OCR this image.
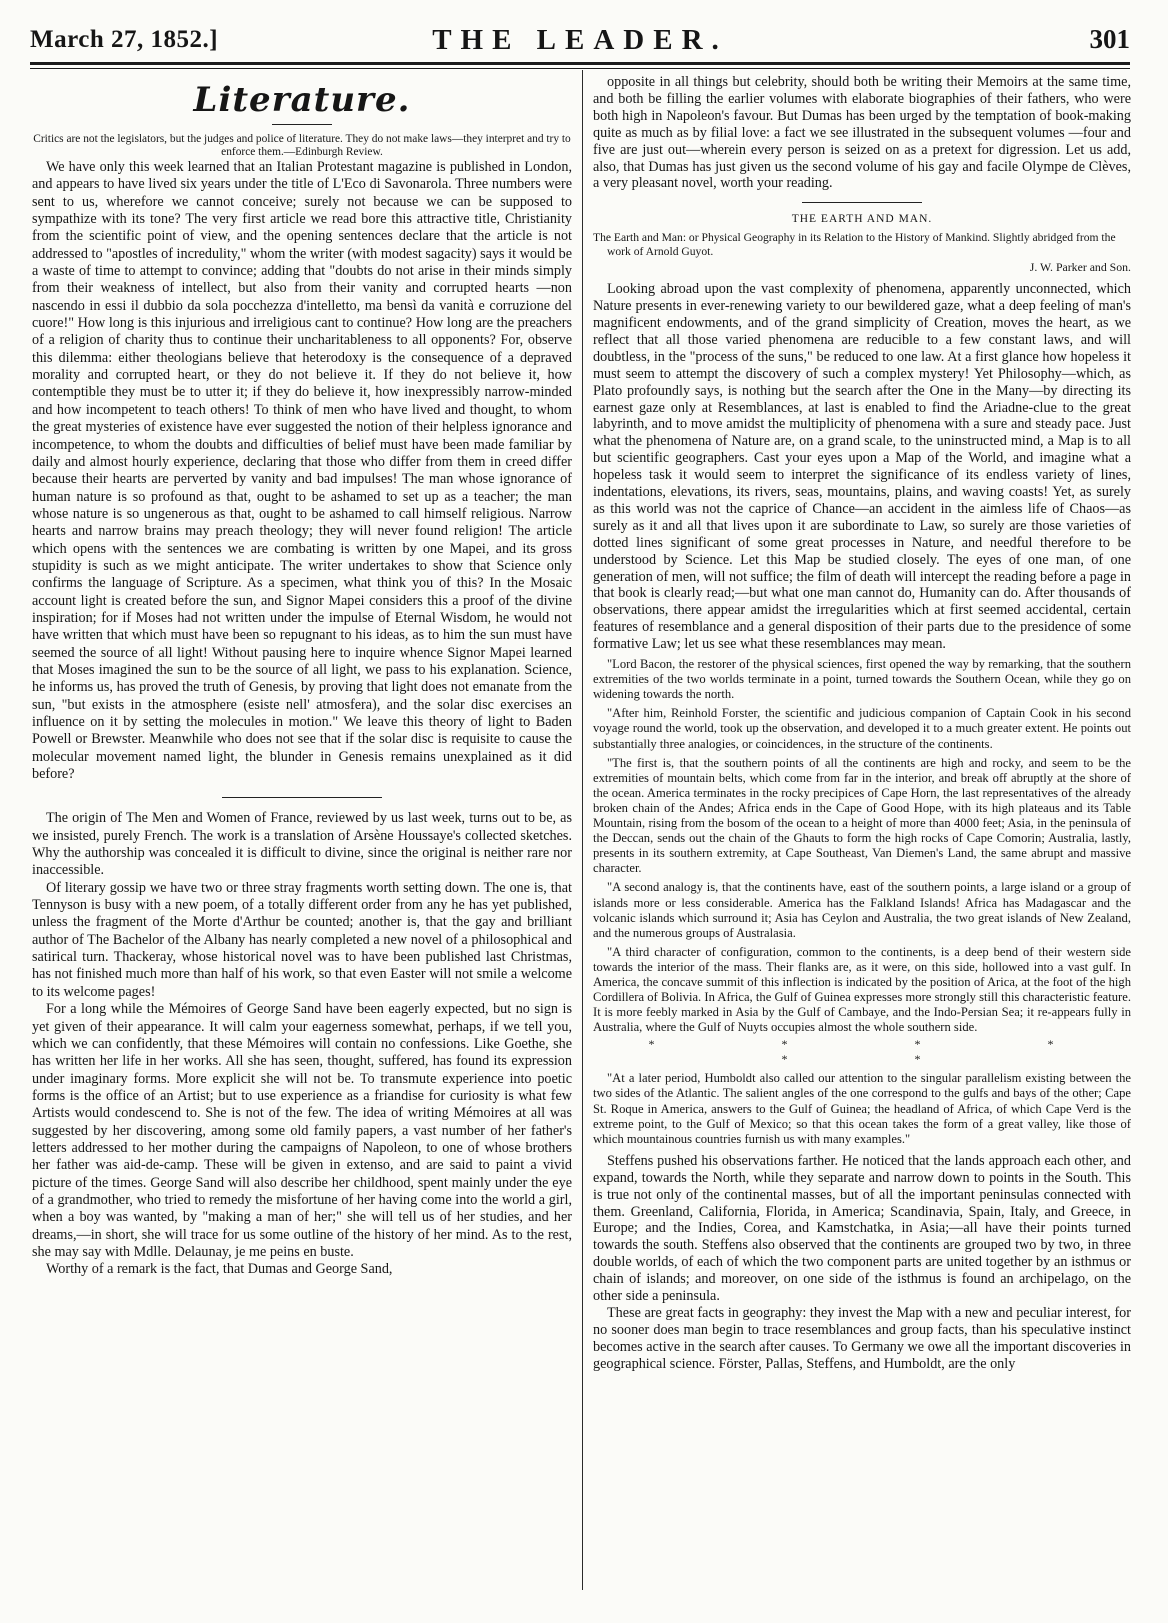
March 27, 1852.]	THE LEADER.	301
Literature.

Critics are not the legislators, but the judges and police of literature. They do not make laws—they interpret and try to enforce them.—Edinburgh Review.

We have only this week learned that an Italian Protestant magazine is published in London, and appears to have lived six years under the title of L'Eco di Savonarola. Three numbers were sent to us, wherefore we cannot conceive; surely not because we can be supposed to sympathize with its tone? The very first article we read bore this attractive title, Christianity from the scientific point of view, and the opening sentences declare that the article is not addressed to "apostles of incredulity," whom the writer (with modest sagacity) says it would be a waste of time to attempt to convince; adding that "doubts do not arise in their minds simply from their weakness of intellect, but also from their vanity and corrupted hearts —non nascendo in essi il dubbio da sola pocchezza d'intelletto, ma bensì da vanità e corruzione del cuore!" How long is this injurious and irreligious cant to continue? How long are the preachers of a religion of charity thus to continue their uncharitableness to all opponents? For, observe this dilemma: either theologians believe that heterodoxy is the consequence of a depraved morality and corrupted heart, or they do not believe it. If they do not believe it, how contemptible they must be to utter it; if they do believe it, how inexpressibly narrow-minded and how incompetent to teach others! To think of men who have lived and thought, to whom the great mysteries of existence have ever suggested the notion of their helpless ignorance and incompetence, to whom the doubts and difficulties of belief must have been made familiar by daily and almost hourly experience, declaring that those who differ from them in creed differ because their hearts are perverted by vanity and bad impulses! The man whose ignorance of human nature is so profound as that, ought to be ashamed to set up as a teacher; the man whose nature is so ungenerous as that, ought to be ashamed to call himself religious. Narrow hearts and narrow brains may preach theology; they will never found religion! The article which opens with the sentences we are combating is written by one Mapei, and its gross stupidity is such as we might anticipate. The writer undertakes to show that Science only confirms the language of Scripture. As a specimen, what think you of this? In the Mosaic account light is created before the sun, and Signor Mapei considers this a proof of the divine inspiration; for if Moses had not written under the impulse of Eternal Wisdom, he would not have written that which must have been so repugnant to his ideas, as to him the sun must have seemed the source of all light! Without pausing here to inquire whence Signor Mapei learned that Moses imagined the sun to be the source of all light, we pass to his explanation. Science, he informs us, has proved the truth of Genesis, by proving that light does not emanate from the sun, "but exists in the atmosphere (esiste nell' atmosfera), and the solar disc exercises an influence on it by setting the molecules in motion." We leave this theory of light to Baden Powell or Brewster. Meanwhile who does not see that if the solar disc is requisite to cause the molecular movement named light, the blunder in Genesis remains unexplained as it did before?

The origin of The Men and Women of France, reviewed by us last week, turns out to be, as we insisted, purely French. The work is a translation of Arsène Houssaye's collected sketches. Why the authorship was concealed it is difficult to divine, since the original is neither rare nor inaccessible.

Of literary gossip we have two or three stray fragments worth setting down. The one is, that Tennyson is busy with a new poem, of a totally different order from any he has yet published, unless the fragment of the Morte d'Arthur be counted; another is, that the gay and brilliant author of The Bachelor of the Albany has nearly completed a new novel of a philosophical and satirical turn. Thackeray, whose historical novel was to have been published last Christmas, has not finished much more than half of his work, so that even Easter will not smile a welcome to its welcome pages!

For a long while the Mémoires of George Sand have been eagerly expected, but no sign is yet given of their appearance. It will calm your eagerness somewhat, perhaps, if we tell you, which we can confidently, that these Mémoires will contain no confessions. Like Goethe, she has written her life in her works. All she has seen, thought, suffered, has found its expression under imaginary forms. More explicit she will not be. To transmute experience into poetic forms is the office of an Artist; but to use experience as a friandise for curiosity is what few Artists would condescend to. She is not of the few. The idea of writing Mémoires at all was suggested by her discovering, among some old family papers, a vast number of her father's letters addressed to her mother during the campaigns of Napoleon, to one of whose brothers her father was aid-de-camp. These will be given in extenso, and are said to paint a vivid picture of the times. George Sand will also describe her childhood, spent mainly under the eye of a grandmother, who tried to remedy the misfortune of her having come into the world a girl, when a boy was wanted, by "making a man of her;" she will tell us of her studies, and her dreams,—in short, she will trace for us some outline of the history of her mind. As to the rest, she may say with Mdlle. Delaunay, je me peins en buste.

Worthy of a remark is the fact, that Dumas and George Sand,

opposite in all things but celebrity, should both be writing their Memoirs at the same time, and both be filling the earlier volumes with elaborate biographies of their fathers, who were both high in Napoleon's favour. But Dumas has been urged by the temptation of book-making quite as much as by filial love: a fact we see illustrated in the subsequent volumes —four and five are just out—wherein every person is seized on as a pretext for digression. Let us add, also, that Dumas has just given us the second volume of his gay and facile Olympe de Clèves, a very pleasant novel, worth your reading.

THE EARTH AND MAN.

The Earth and Man: or Physical Geography in its Relation to the History of Mankind. Slightly abridged from the work of Arnold Guyot.

J. W. Parker and Son.

Looking abroad upon the vast complexity of phenomena, apparently unconnected, which Nature presents in ever-renewing variety to our bewildered gaze, what a deep feeling of man's magnificent endowments, and of the grand simplicity of Creation, moves the heart, as we reflect that all those varied phenomena are reducible to a few constant laws, and will doubtless, in the "process of the suns," be reduced to one law. At a first glance how hopeless it must seem to attempt the discovery of such a complex mystery! Yet Philosophy—which, as Plato profoundly says, is nothing but the search after the One in the Many—by directing its earnest gaze only at Resemblances, at last is enabled to find the Ariadne-clue to the great labyrinth, and to move amidst the multiplicity of phenomena with a sure and steady pace. Just what the phenomena of Nature are, on a grand scale, to the uninstructed mind, a Map is to all but scientific geographers. Cast your eyes upon a Map of the World, and imagine what a hopeless task it would seem to interpret the significance of its endless variety of lines, indentations, elevations, its rivers, seas, mountains, plains, and waving coasts! Yet, as surely as this world was not the caprice of Chance—an accident in the aimless life of Chaos—as surely as it and all that lives upon it are subordinate to Law, so surely are those varieties of dotted lines significant of some great processes in Nature, and needful therefore to be understood by Science. Let this Map be studied closely. The eyes of one man, of one generation of men, will not suffice; the film of death will intercept the reading before a page in that book is clearly read;—but what one man cannot do, Humanity can do. After thousands of observations, there appear amidst the irregularities which at first seemed accidental, certain features of resemblance and a general disposition of their parts due to the presidence of some formative Law; let us see what these resemblances may mean.

"Lord Bacon, the restorer of the physical sciences, first opened the way by remarking, that the southern extremities of the two worlds terminate in a point, turned towards the Southern Ocean, while they go on widening towards the north.

"After him, Reinhold Forster, the scientific and judicious companion of Captain Cook in his second voyage round the world, took up the observation, and developed it to a much greater extent. He points out substantially three analogies, or coincidences, in the structure of the continents.

"The first is, that the southern points of all the continents are high and rocky, and seem to be the extremities of mountain belts, which come from far in the interior, and break off abruptly at the shore of the ocean. America terminates in the rocky precipices of Cape Horn, the last representatives of the already broken chain of the Andes; Africa ends in the Cape of Good Hope, with its high plateaus and its Table Mountain, rising from the bosom of the ocean to a height of more than 4000 feet; Asia, in the peninsula of the Deccan, sends out the chain of the Ghauts to form the high rocks of Cape Comorin; Australia, lastly, presents in its southern extremity, at Cape Southeast, Van Diemen's Land, the same abrupt and massive character.

"A second analogy is, that the continents have, east of the southern points, a large island or a group of islands more or less considerable. America has the Falkland Islands! Africa has Madagascar and the volcanic islands which surround it; Asia has Ceylon and Australia, the two great islands of New Zealand, and the numerous groups of Australasia.

"A third character of configuration, common to the continents, is a deep bend of their western side towards the interior of the mass. Their flanks are, as it were, on this side, hollowed into a vast gulf. In America, the concave summit of this inflection is indicated by the position of Arica, at the foot of the high Cordillera of Bolivia. In Africa, the Gulf of Guinea expresses more strongly still this characteristic feature. It is more feebly marked in Asia by the Gulf of Cambaye, and the Indo-Persian Sea; it re-appears fully in Australia, where the Gulf of Nuyts occupies almost the whole southern side.

* * * * * *

"At a later period, Humboldt also called our attention to the singular parallelism existing between the two sides of the Atlantic. The salient angles of the one correspond to the gulfs and bays of the other; Cape St. Roque in America, answers to the Gulf of Guinea; the headland of Africa, of which Cape Verd is the extreme point, to the Gulf of Mexico; so that this ocean takes the form of a great valley, like those of which mountainous countries furnish us with many examples."

Steffens pushed his observations farther. He noticed that the lands approach each other, and expand, towards the North, while they separate and narrow down to points in the South. This is true not only of the continental masses, but of all the important peninsulas connected with them. Greenland, California, Florida, in America; Scandinavia, Spain, Italy, and Greece, in Europe; and the Indies, Corea, and Kamstchatka, in Asia;—all have their points turned towards the south. Steffens also observed that the continents are grouped two by two, in three double worlds, of each of which the two component parts are united together by an isthmus or chain of islands; and moreover, on one side of the isthmus is found an archipelago, on the other side a peninsula.

These are great facts in geography: they invest the Map with a new and peculiar interest, for no sooner does man begin to trace resemblances and group facts, than his speculative instinct becomes active in the search after causes. To Germany we owe all the important discoveries in geographical science. Förster, Pallas, Steffens, and Humboldt, are the only
